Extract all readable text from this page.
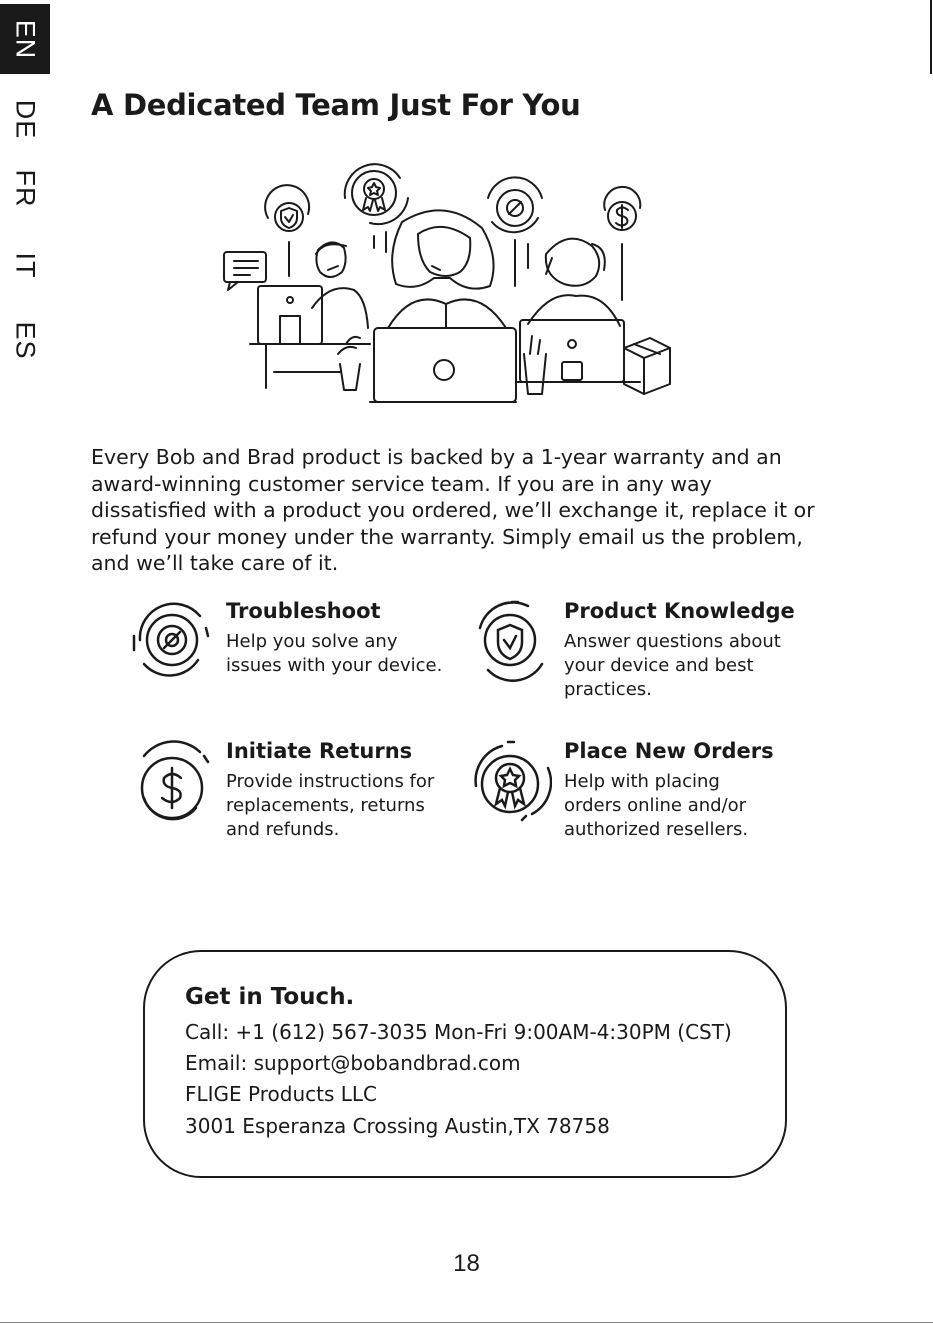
EN
DE
FR
IT
ES
A Dedicated Team Just For You

Every Bob and Brad product is backed by a 1-year warranty and an award-winning customer service team. If you are in any way dissatisfied with a product you ordered, we’ll exchange it, replace it or refund your money under the warranty. Simply email us the problem, and we’ll take care of it.

Troubleshoot

Help you solve any
issues with your device.

Product Knowledge

Answer questions about
your device and best
practices.

Initiate Returns

Provide instructions for
replacements, returns
and refunds.

Place New Orders

Help with placing
orders online and/or
authorized resellers.

Get in Touch.
Call: +1 (612) 567-3035 Mon-Fri 9:00AM-4:30PM (CST)
Email: support@bobandbrad.com
FLIGE Products LLC
3001 Esperanza Crossing Austin,TX 78758
18
